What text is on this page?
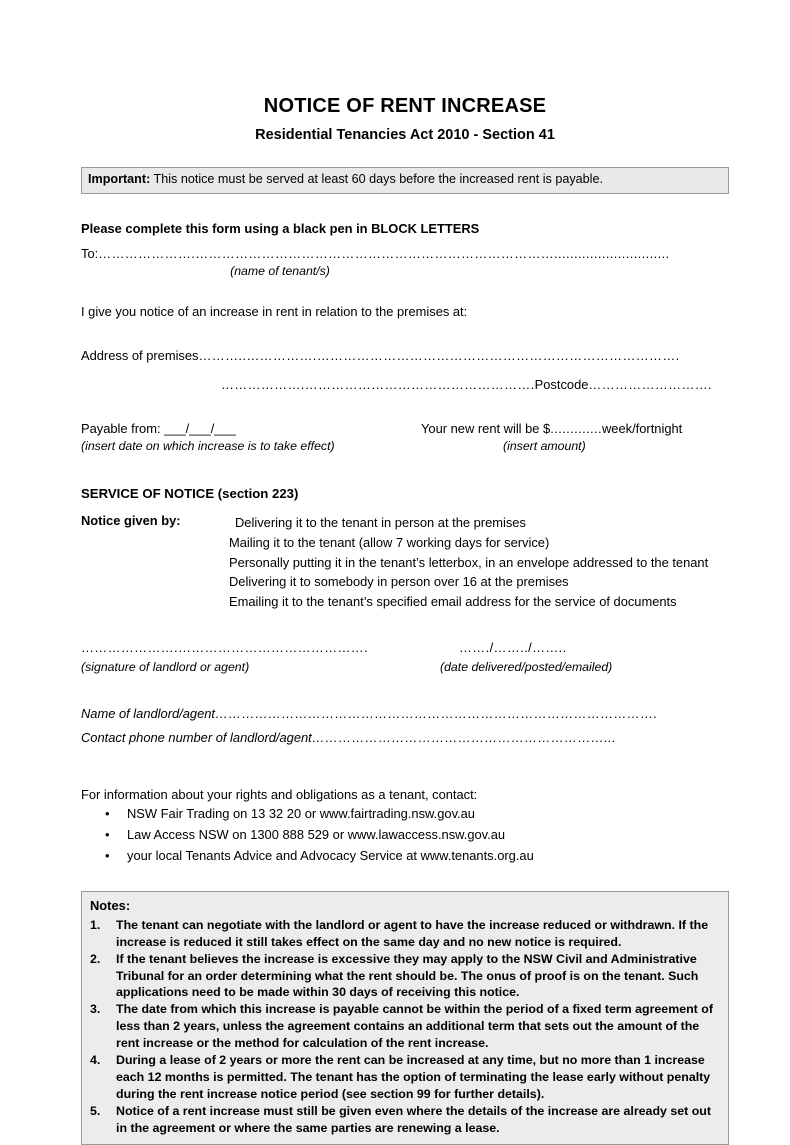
NOTICE OF RENT INCREASE
Residential Tenancies Act 2010 - Section 41
Important: This notice must be served at least 60 days before the increased rent is payable.
Please complete this form using a black pen in BLOCK LETTERS
To:………………….……………………………………………………………………….............................
(name of tenant/s)
I give you notice of an increase in rent in relation to the premises at:
Address of premises………..…………….……………………………………………………………………….
……………….…………………………………………….Postcode……………………….
Payable from: ___/___/___
(insert date on which increase is to take effect)
Your new rent will be $.............week/fortnight
(insert amount)
SERVICE OF NOTICE (section 223)
Notice given by:	Delivering it to the tenant in person at the premises
Mailing it to the tenant (allow 7 working days for service)
Personally putting it in the tenant’s letterbox, in an envelope addressed to the tenant
Delivering it to somebody in person over 16 at the premises
Emailing it to the tenant’s specified email address for the service of documents
………………….…………………………………….
(signature of landlord or agent)
……./……../……..
(date delivered/posted/emailed)
Name of landlord/agent……………………………………………………………………………………….
Contact phone number of landlord/agent…………………………………………………………...
For information about your rights and obligations as a tenant, contact:
• NSW Fair Trading on 13 32 20 or www.fairtrading.nsw.gov.au
• Law Access NSW on 1300 888 529 or www.lawaccess.nsw.gov.au
• your local Tenants Advice and Advocacy Service at www.tenants.org.au
Notes:
1.	The tenant can negotiate with the landlord or agent to have the increase reduced or withdrawn. If the increase is reduced it still takes effect on the same day and no new notice is required.
2.	If the tenant believes the increase is excessive they may apply to the NSW Civil and Administrative Tribunal for an order determining what the rent should be. The onus of proof is on the tenant. Such applications need to be made within 30 days of receiving this notice.
3.	The date from which this increase is payable cannot be within the period of a fixed term agreement of less than 2 years, unless the agreement contains an additional term that sets out the amount of the rent increase or the method for calculation of the rent increase.
4.	During a lease of 2 years or more the rent can be increased at any time, but no more than 1 increase each 12 months is permitted. The tenant has the option of terminating the lease early without penalty during the rent increase notice period (see section 99 for further details).
5.	Notice of a rent increase must still be given even where the details of the increase are already set out in the agreement or where the same parties are renewing a lease.
